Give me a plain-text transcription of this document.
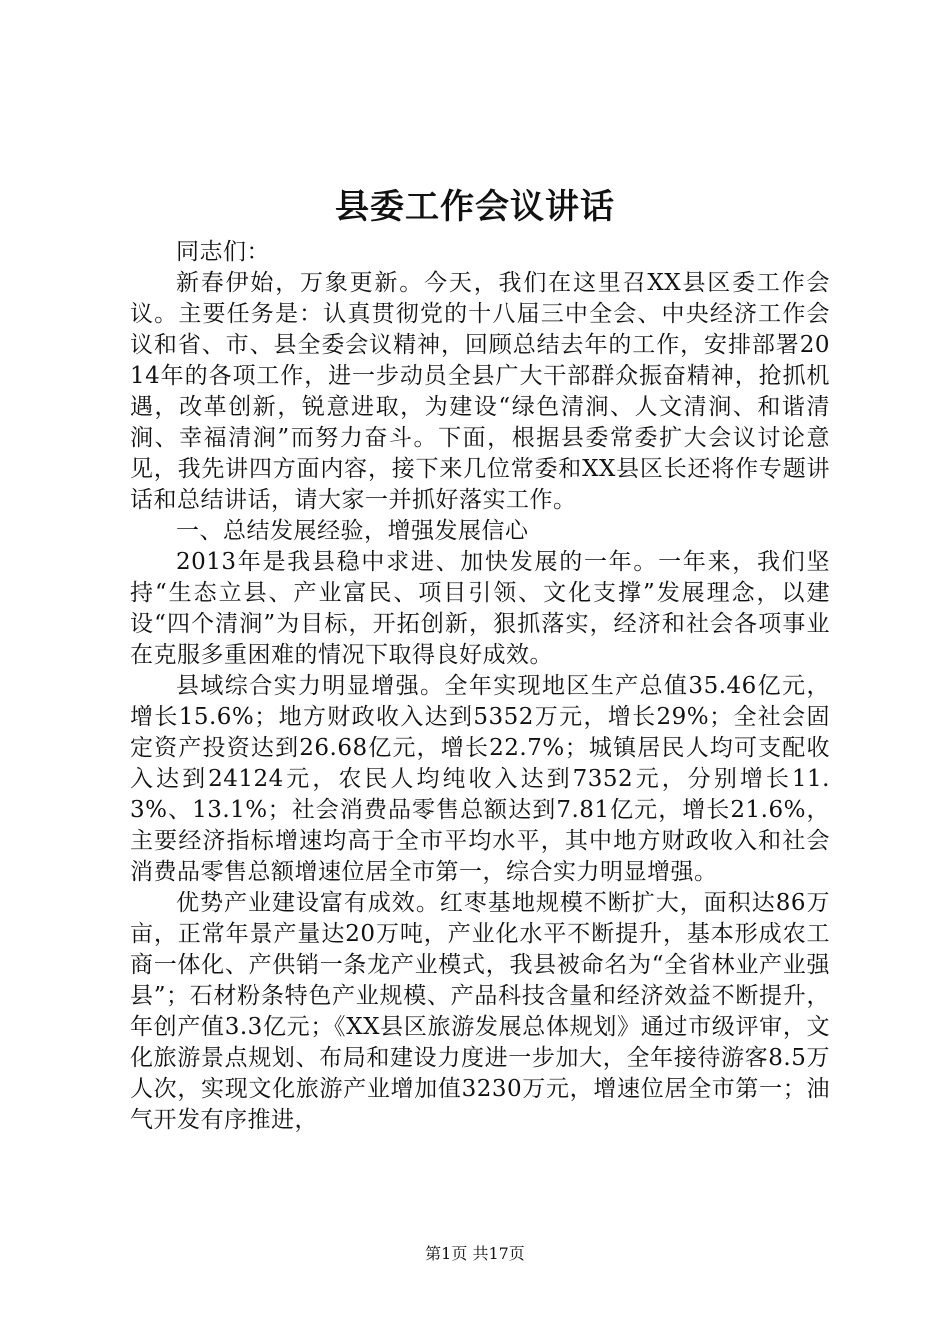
县委工作会议讲话

同志们：

新春伊始，万象更新。今天，我们在这里召XX县区委工作会议。主要任务是：认真贯彻党的十八届三中全会、中央经济工作会议和省、市、县全委会议精神，回顾总结去年的工作，安排部署2014年的各项工作，进一步动员全县广大干部群众振奋精神，抢抓机遇，改革创新，锐意进取，为建设“绿色清涧、人文清涧、和谐清涧、幸福清涧”而努力奋斗。下面，根据县委常委扩大会议讨论意见，我先讲四方面内容，接下来几位常委和XX县区长还将作专题讲话和总结讲话，请大家一并抓好落实工作。

一、总结发展经验，增强发展信心

2013年是我县稳中求进、加快发展的一年。一年来，我们坚持“生态立县、产业富民、项目引领、文化支撑”发展理念，以建设“四个清涧”为目标，开拓创新，狠抓落实，经济和社会各项事业在克服多重困难的情况下取得良好成效。

县域综合实力明显增强。全年实现地区生产总值35.46亿元，增长15.6%；地方财政收入达到5352万元，增长29%；全社会固定资产投资达到26.68亿元，增长22.7%；城镇居民人均可支配收入达到24124元，农民人均纯收入达到7352元，分别增长11.3%、13.1%；社会消费品零售总额达到7.81亿元，增长21.6%，主要经济指标增速均高于全市平均水平，其中地方财政收入和社会消费品零售总额增速位居全市第一，综合实力明显增强。

优势产业建设富有成效。红枣基地规模不断扩大，面积达86万亩，正常年景产量达20万吨，产业化水平不断提升，基本形成农工商一体化、产供销一条龙产业模式，我县被命名为“全省林业产业强县”；石材粉条特色产业规模、产品科技含量和经济效益不断提升，年创产值3.3亿元；《XX县区旅游发展总体规划》通过市级评审，文化旅游景点规划、布局和建设力度进一步加大，全年接待游客8.5万人次，实现文化旅游产业增加值3230万元，增速位居全市第一；油气开发有序推进，

第1页 共17页
